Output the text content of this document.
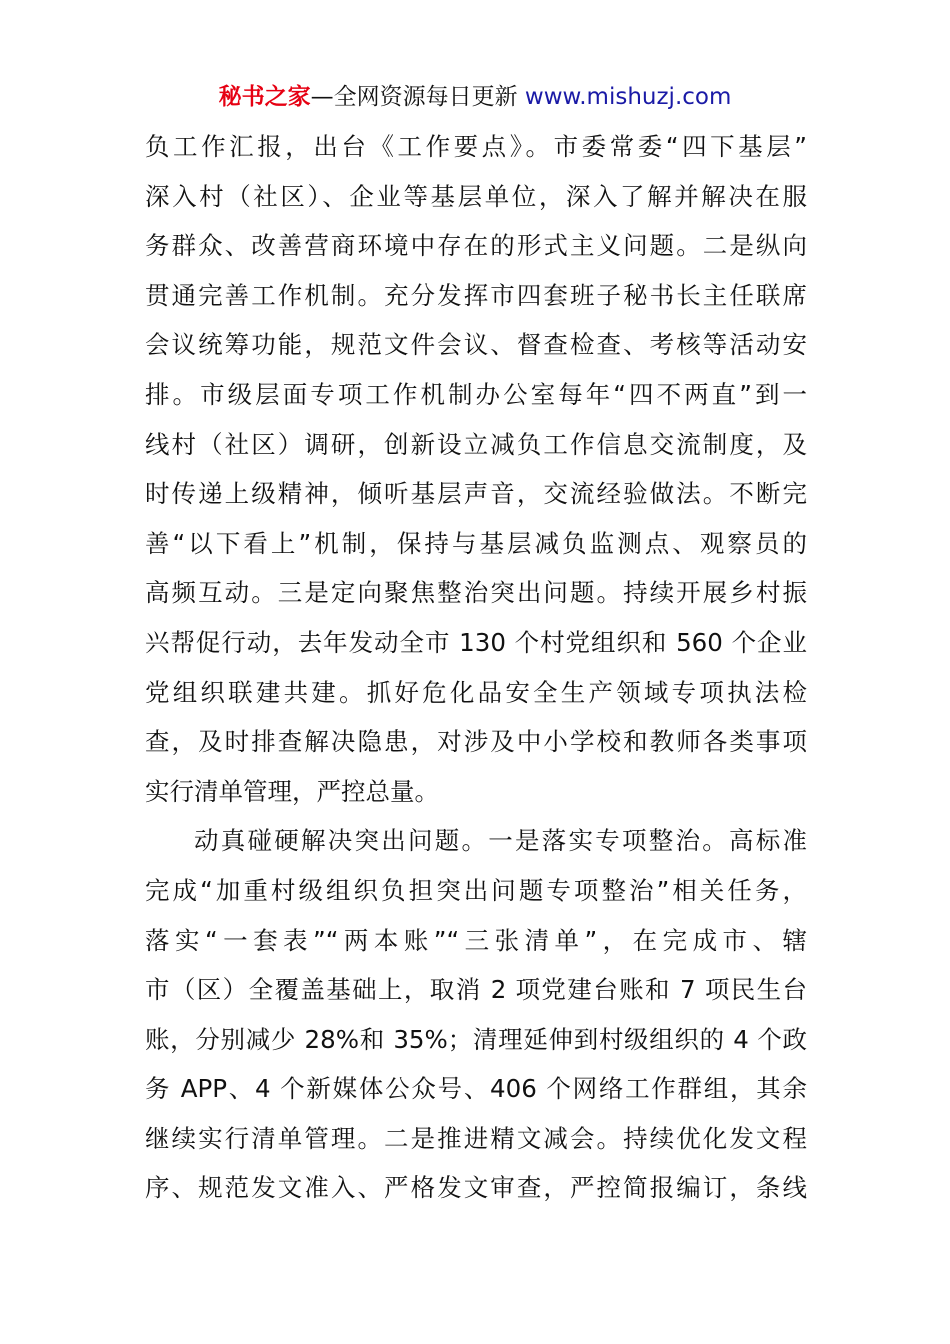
秘书之家—全网资源每日更新 www.mishuzj.com
负工作汇报，出台《工作要点》。市委常委“四下基层”
深入村（社区）、企业等基层单位，深入了解并解决在服
务群众、改善营商环境中存在的形式主义问题。二是纵向
贯通完善工作机制。充分发挥市四套班子秘书长主任联席
会议统筹功能，规范文件会议、督查检查、考核等活动安
排。市级层面专项工作机制办公室每年“四不两直”到一
线村（社区）调研，创新设立减负工作信息交流制度，及
时传递上级精神，倾听基层声音，交流经验做法。不断完
善“以下看上”机制，保持与基层减负监测点、观察员的
高频互动。三是定向聚焦整治突出问题。持续开展乡村振
兴帮促行动，去年发动全市 130 个村党组织和 560 个企业
党组织联建共建。抓好危化品安全生产领域专项执法检
查，及时排查解决隐患，对涉及中小学校和教师各类事项
实行清单管理，严控总量。
动真碰硬解决突出问题。一是落实专项整治。高标准
完成“加重村级组织负担突出问题专项整治”相关任务，
落实“一套表”“两本账”“三张清单”，在完成市、辖
市（区）全覆盖基础上，取消 2 项党建台账和 7 项民生台
账，分别减少 28%和 35%；清理延伸到村级组织的 4 个政
务 APP、4 个新媒体公众号、406 个网络工作群组，其余
继续实行清单管理。二是推进精文减会。持续优化发文程
序、规范发文准入、严格发文审查，严控简报编订，条线
